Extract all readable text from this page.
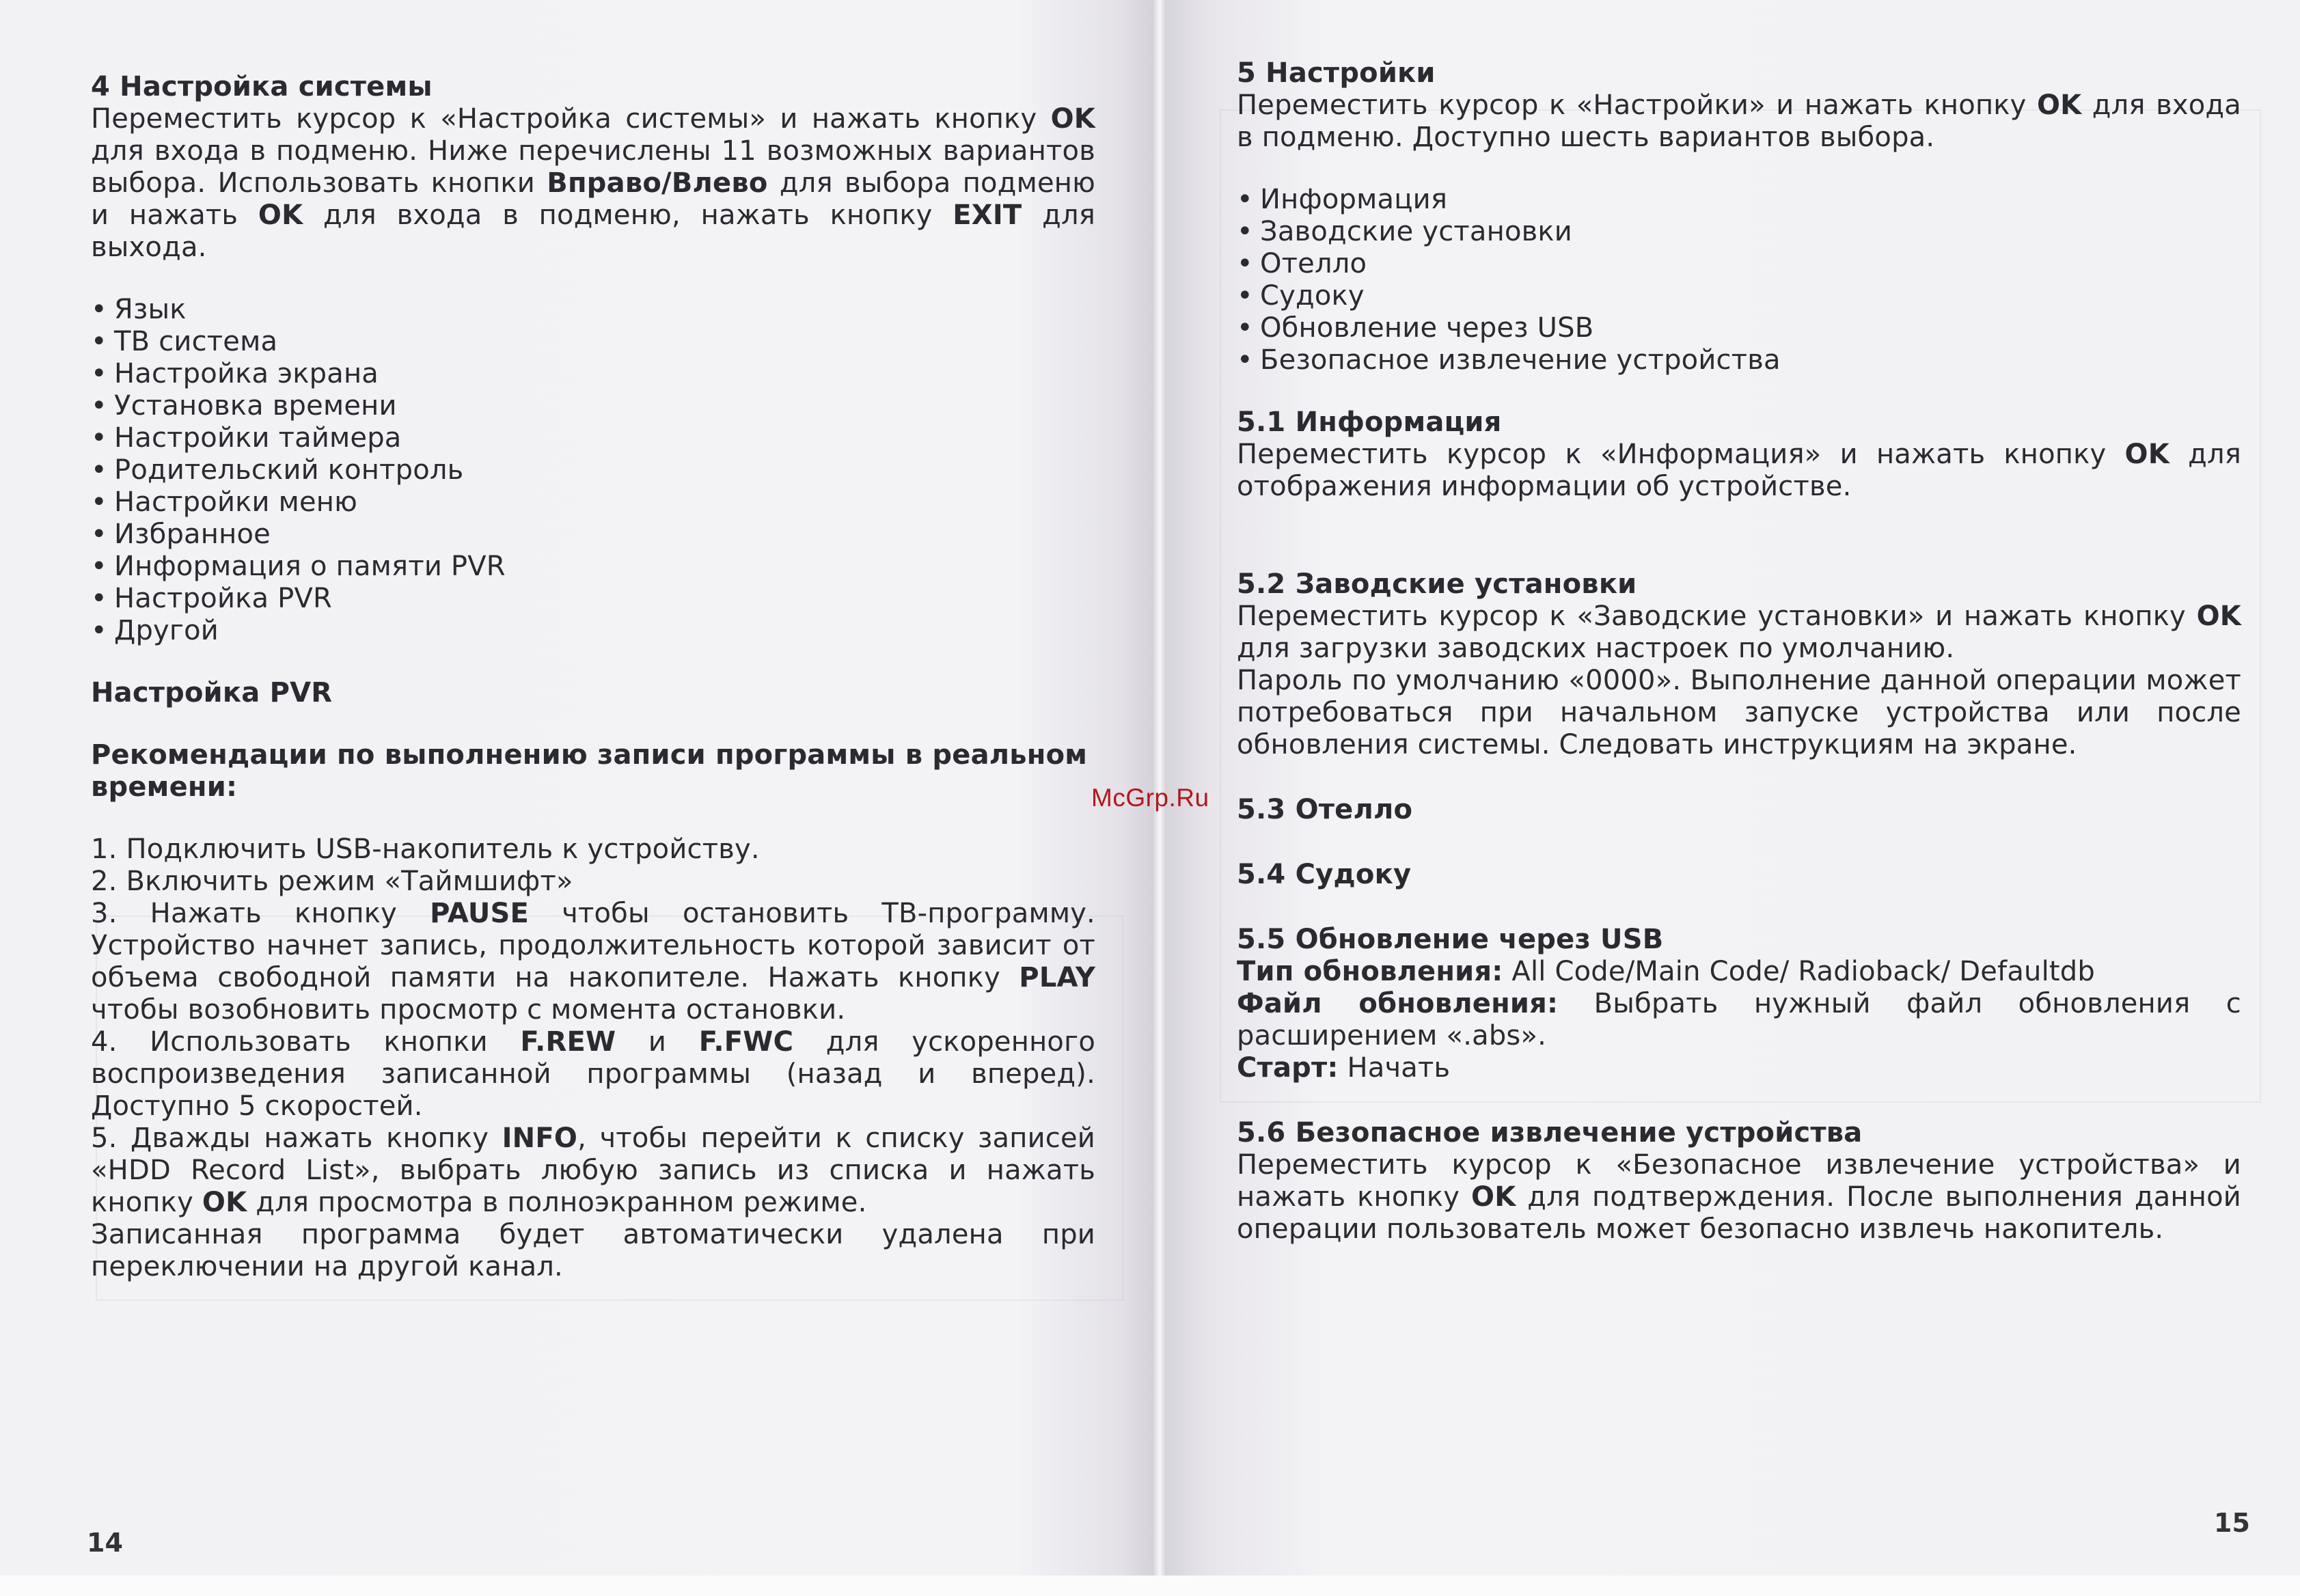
4 Настройка системы

Переместить курсор к «Настройка системы» и нажать кнопку OK для входа в подменю. Ниже перечислены 11 возможных вариантов выбора. Использовать кнопки Вправо/Влево для выбора подменю и нажать OK для входа в подменю, нажать кнопку EXIT для выхода.

• Язык
• ТВ система
• Настройка экрана
• Установка времени
• Настройки таймера
• Родительский контроль
• Настройки меню
• Избранное
• Информация о памяти PVR
• Настройка PVR
• Другой
Настройка PVR
Рекомендации по выполнению записи программы в реальном времени:
1. Подключить USB-накопитель к устройству.
2. Включить режим «Таймшифт»

3. Нажать кнопку PAUSE чтобы остановить ТВ-программу. Устройство начнет запись, продолжительность которой зависит от объема свободной памяти на накопителе. Нажать кнопку PLAY чтобы возобновить просмотр с момента остановки.

4. Использовать кнопки F.REW и F.FWC для ускоренного воспроизведения записанной программы (назад и вперед). Доступно 5 скоростей.

5. Дважды нажать кнопку INFO, чтобы перейти к списку записей «HDD Record List», выбрать любую запись из списка и нажать кнопку OK для просмотра в полноэкранном режиме.

Записанная программа будет автоматически удалена при переключении на другой канал.

14
5 Настройки

Переместить курсор к «Настройки» и нажать кнопку OK для входа в подменю. Доступно шесть вариантов выбора.

• Информация
• Заводские установки
• Отелло
• Судоку
• Обновление через USB
• Безопасное извлечение устройства
5.1 Информация

Переместить курсор к «Информация» и нажать кнопку OK для отображения информации об устройстве.

5.2 Заводские установки

Переместить курсор к «Заводские установки» и нажать кнопку OK для загрузки заводских настроек по умолчанию.

Пароль по умолчанию «0000». Выполнение данной операции может потребоваться при начальном запуске устройства или после обновления системы. Следовать инструкциям на экране.

5.3 Отелло
5.4 Судоку
5.5 Обновление через USB
Тип обновления: All Code/Main Code/ Radioback/ Defaultdb

Файл обновления: Выбрать нужный файл обновления с расширением «.abs».

Старт: Начать
5.6 Безопасное извлечение устройства

Переместить курсор к «Безопасное извлечение устройства» и нажать кнопку OK для подтверждения. После выполнения данной операции пользователь может безопасно извлечь накопитель.

15
McGrp.Ru
